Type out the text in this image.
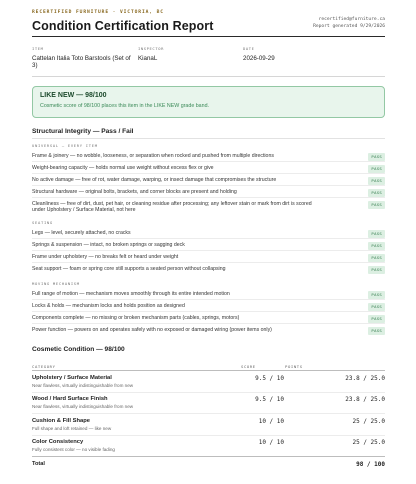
RECERTIFIED FURNITURE · VICTORIA, BC
Condition Certification Report	recertified@furniture.ca
Report generated 9/29/2026
ITEM
Cattelan Italia Toto Barstools (Set of 3)
INSPECTOR
KianaL
DATE
2026-09-29
LIKE NEW — 98/100
Cosmetic score of 98/100 places this item in the LIKE NEW grade band.
Structural Integrity — Pass / Fail
UNIVERSAL — EVERY ITEM
Frame & joinery — no wobble, looseness, or separation when rocked and pushed from multiple directions	PASS
Weight-bearing capacity — holds normal use weight without excess flex or give	PASS
No active damage — free of rot, water damage, warping, or insect damage that compromises the structure	PASS
Structural hardware — original bolts, brackets, and corner blocks are present and holding	PASS
Cleanliness — free of dirt, dust, pet hair, or cleaning residue after processing; any leftover stain or mark from dirt is scored under Upholstery / Surface Material, not here
PASS
SEATING
Legs — level, securely attached, no cracks	PASS
Springs & suspension — intact, no broken springs or sagging deck	PASS
Frame under upholstery — no breaks felt or heard under weight	PASS
Seat support — foam or spring core still supports a seated person without collapsing	PASS
MOVING MECHANISM
Full range of motion — mechanism moves smoothly through its entire intended motion	PASS
Locks & holds — mechanism locks and holds position as designed	PASS
Components complete — no missing or broken mechanism parts (cables, springs, motors)	PASS
Power function — powers on and operates safely with no exposed or damaged wiring (power items only)	PASS
Cosmetic Condition — 98/100
CATEGORY	SCORE	POINTS
Upholstery / Surface Material
Near flawless, virtually indistinguishable from new
9.5 / 10	23.8 / 25.0
Wood / Hard Surface Finish
Near flawless, virtually indistinguishable from new
9.5 / 10	23.8 / 25.0
Cushion & Fill Shape
Full shape and loft retained — like new
10 / 10	25 / 25.0
Color Consistency
Fully consistent color — no visible fading
10 / 10	25 / 25.0
Total	98 / 100
